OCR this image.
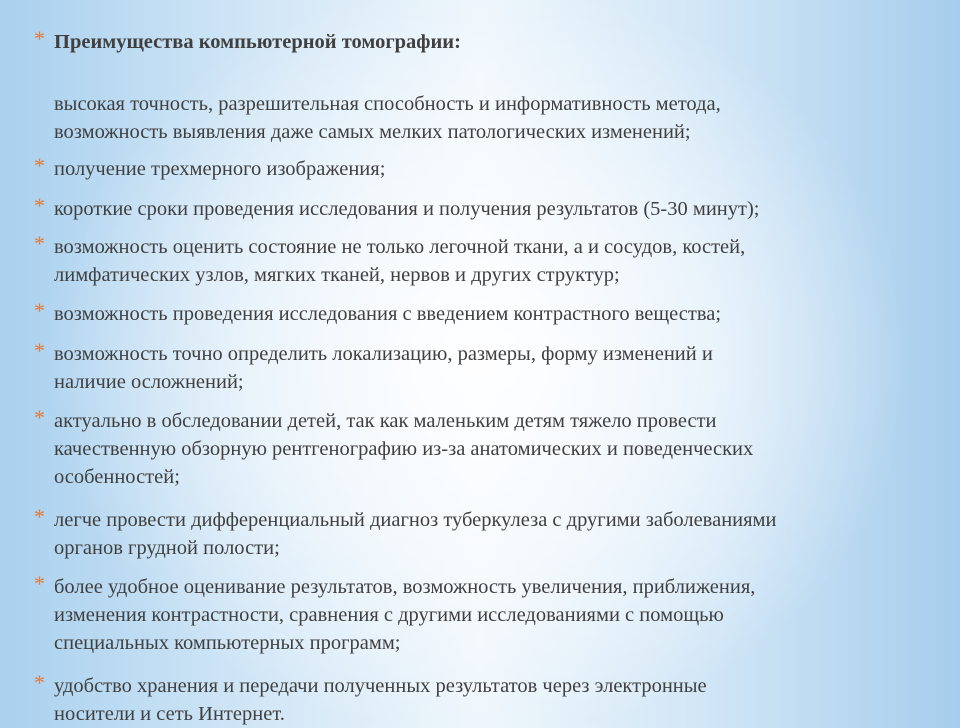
* Преимущества компьютерной томографии:
высокая точность, разрешительная способность и информативность метода,
возможность выявления даже самых мелких патологических изменений;
* получение трехмерного изображения;
* короткие сроки проведения исследования и получения результатов (5-30 минут);
* возможность оценить состояние не только легочной ткани, а и сосудов, костей,
лимфатических узлов, мягких тканей, нервов и других структур;
* возможность проведения исследования с введением контрастного вещества;
* возможность точно определить локализацию, размеры, форму изменений и
наличие осложнений;
* актуально в обследовании детей, так как маленьким детям тяжело провести
качественную обзорную рентгенографию из-за анатомических и поведенческих
особенностей;
* легче провести дифференциальный диагноз туберкулеза с другими заболеваниями
органов грудной полости;
* более удобное оценивание результатов, возможность увеличения, приближения,
изменения контрастности, сравнения с другими исследованиями с помощью
специальных компьютерных программ;
* удобство хранения и передачи полученных результатов через электронные
носители и сеть Интернет.
